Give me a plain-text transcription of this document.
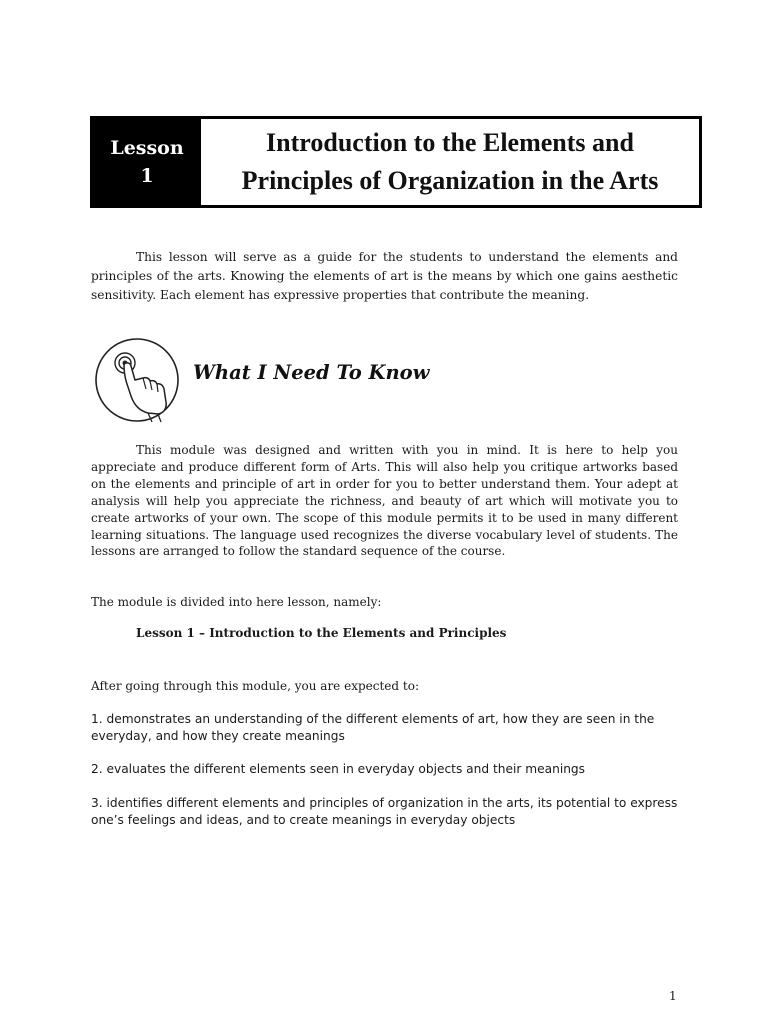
Lesson
1
Introduction to the Elements and
Principles of Organization in the Arts

This lesson will serve as a guide for the students to understand the elements and principles of the arts. Knowing the elements of art is the means by which one gains aesthetic sensitivity. Each element has expressive properties that contribute the meaning.

What I Need To Know

This module was designed and written with you in mind. It is here to help you appreciate and produce different form of Arts. This will also help you critique artworks based on the elements and principle of art in order for you to better understand them. Your adept at analysis will help you appreciate the richness, and beauty of art which will motivate you to create artworks of your own. The scope of this module permits it to be used in many different learning situations. The language used recognizes the diverse vocabulary level of students. The lessons are arranged to follow the standard sequence of the course.

The module is divided into here lesson, namely:

Lesson 1 – Introduction to the Elements and Principles

After going through this module, you are expected to:

1. demonstrates an understanding of the different elements of art, how they are seen in the everyday, and how they create meanings

2. evaluates the different elements seen in everyday objects and their meanings

3. identifies different elements and principles of organization in the arts, its potential to express one’s feelings and ideas, and to create meanings in everyday objects

1
